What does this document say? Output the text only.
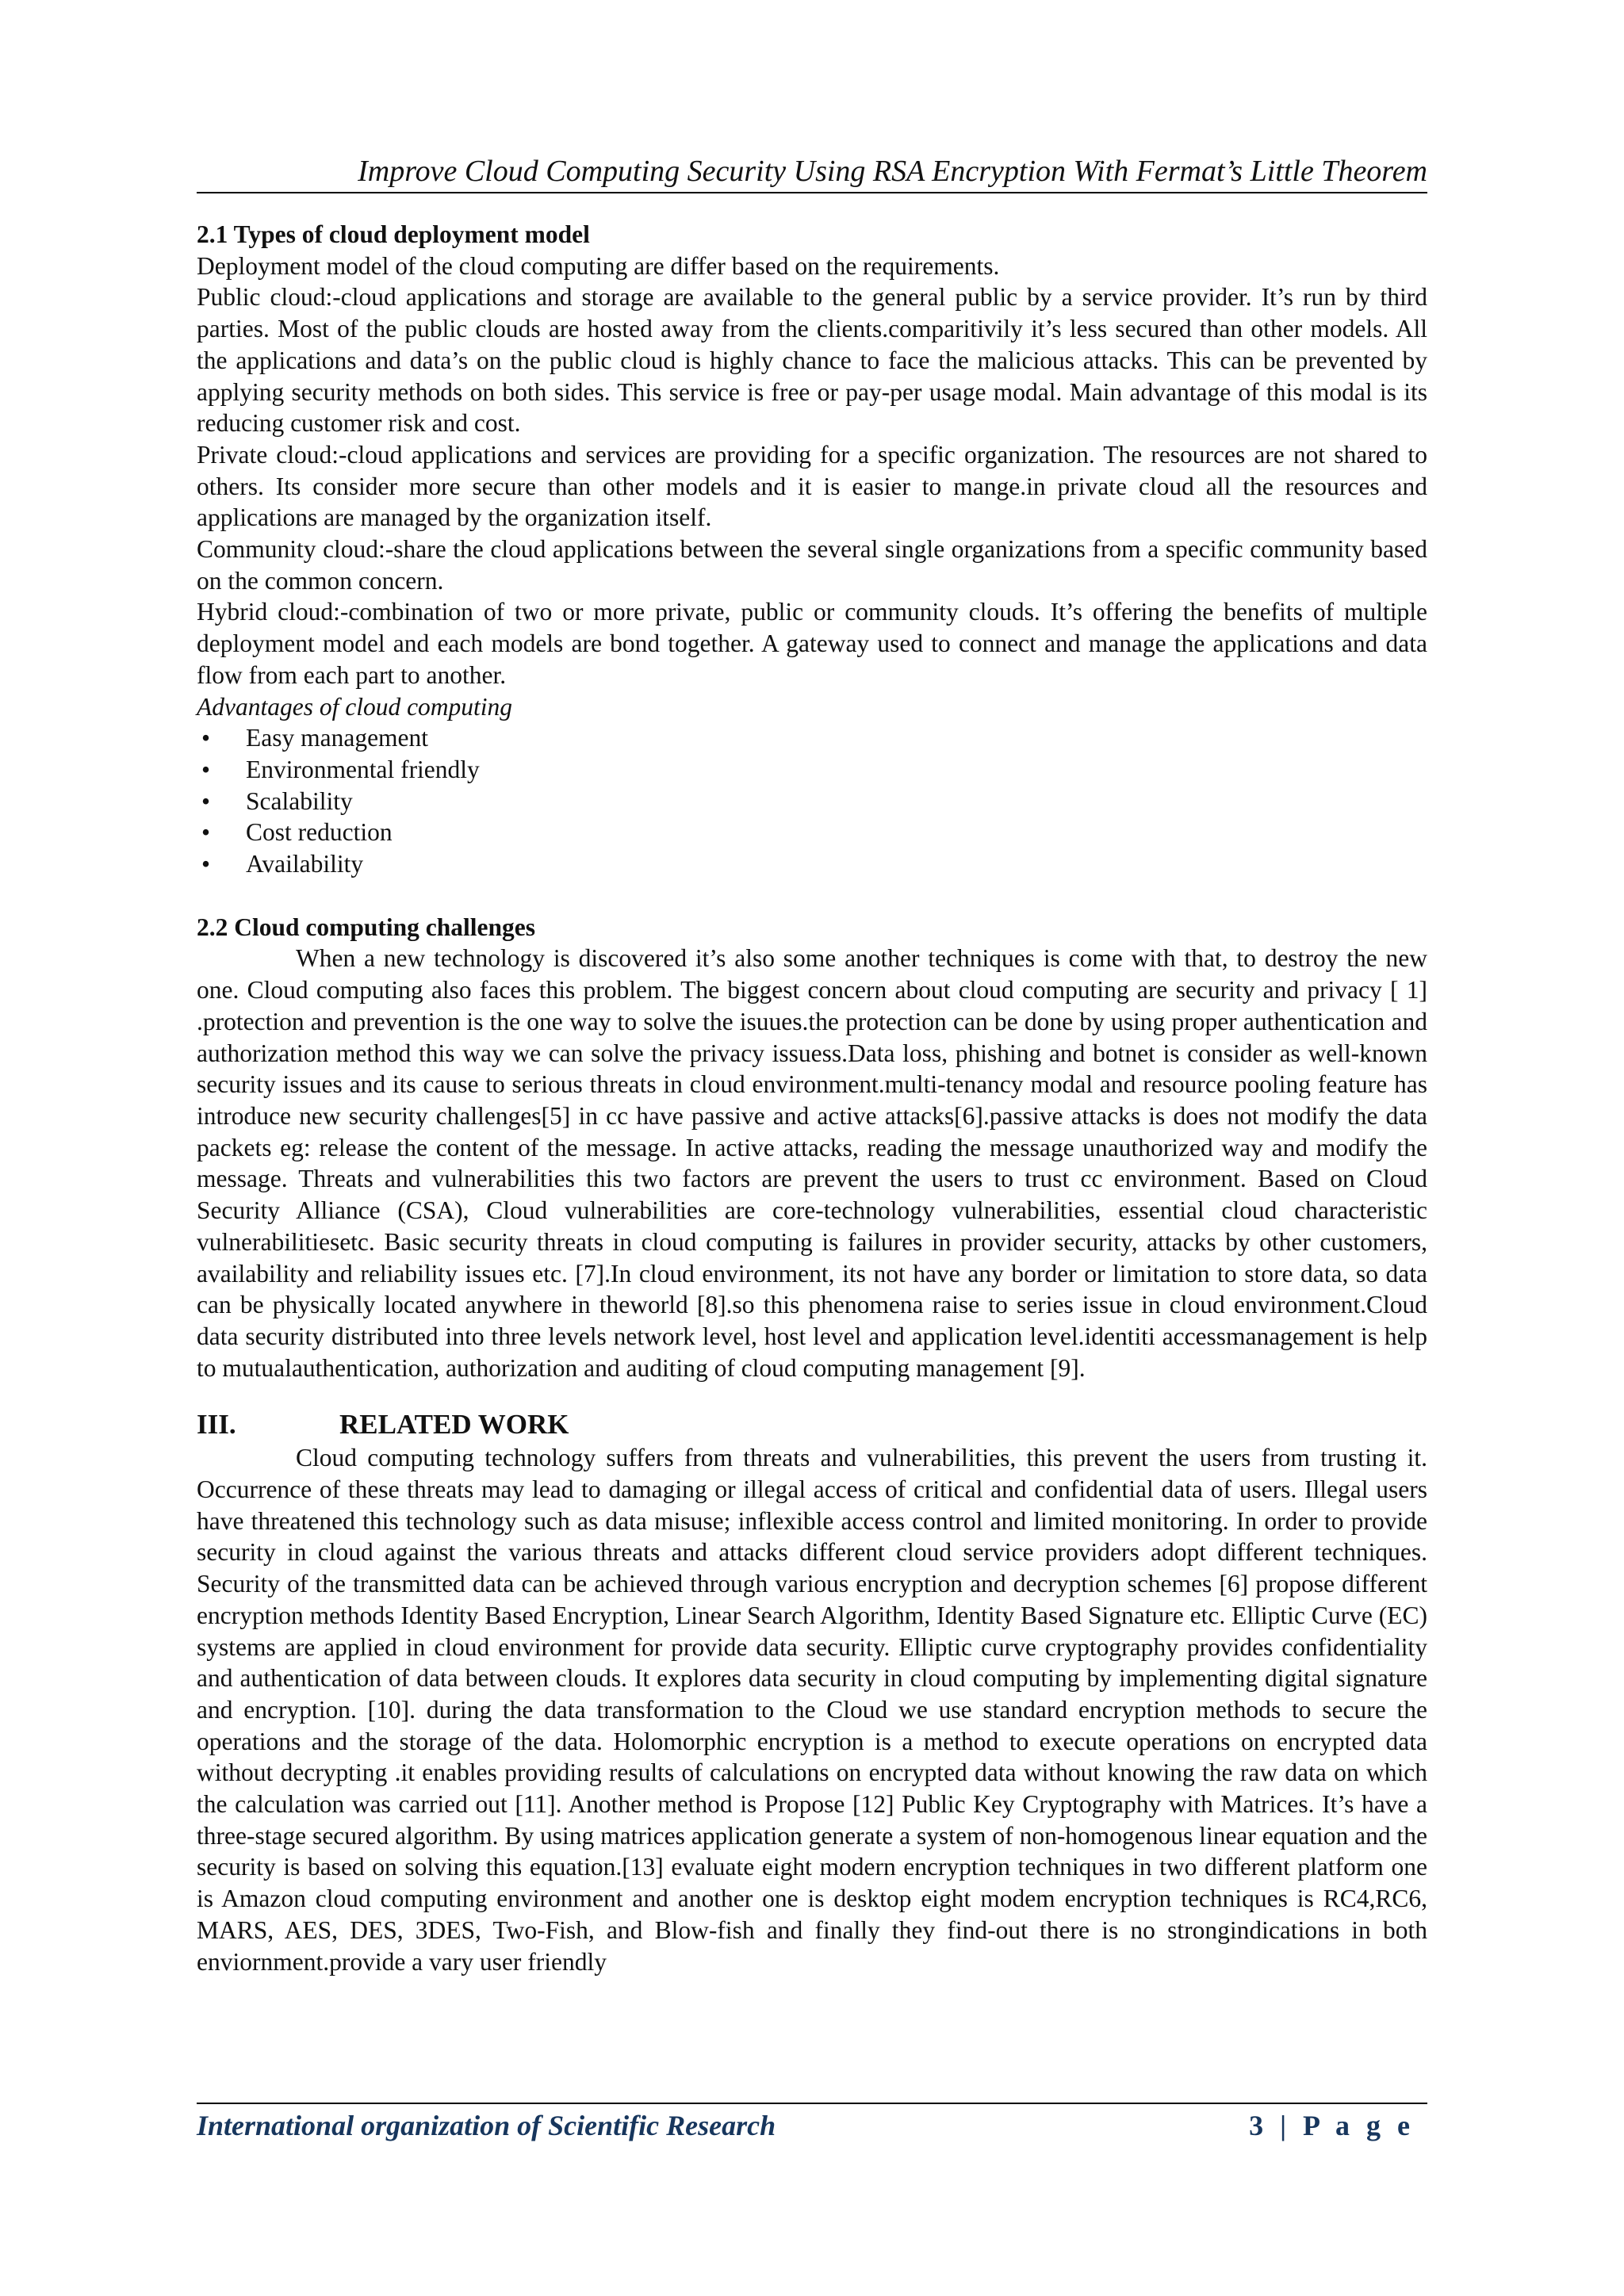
Improve Cloud Computing Security Using RSA Encryption With Fermat’s Little Theorem

2.1 Types of cloud deployment model

Deployment model of the cloud computing are differ based on the requirements.

Public cloud:-cloud applications and storage are available to the general public by a service provider. It’s run by third parties. Most of the public clouds are hosted away from the clients.comparitivily it’s less secured than other models. All the applications and data’s on the public cloud is highly chance to face the malicious attacks. This can be prevented by applying security methods on both sides. This service is free or pay-per usage modal. Main advantage of this modal is its reducing customer risk and cost.

Private cloud:-cloud applications and services are providing for a specific organization. The resources are not shared to others. Its consider more secure than other models and it is easier to mange.in private cloud all the resources and applications are managed by the organization itself.

Community cloud:-share the cloud applications between the several single organizations from a specific community based on the common concern.

Hybrid cloud:-combination of two or more private, public or community clouds. It’s offering the benefits of multiple deployment model and each models are bond together. A gateway used to connect and manage the applications and data flow from each part to another.

Advantages of cloud computing

• Easy management
• Environmental friendly
• Scalability
• Cost reduction
• Availability

2.2 Cloud computing challenges

When a new technology is discovered it’s also some another techniques is come with that, to destroy the new one. Cloud computing also faces this problem. The biggest concern about cloud computing are security and privacy [ 1] .protection and prevention is the one way to solve the isuues.the protection can be done by using proper authentication and authorization method this way we can solve the privacy issuess.Data loss, phishing and botnet is consider as well-known security issues and its cause to serious threats in cloud environment.multi-tenancy modal and resource pooling feature has introduce new security challenges[5] in cc have passive and active attacks[6].passive attacks is does not modify the data packets eg: release the content of the message. In active attacks, reading the message unauthorized way and modify the message. Threats and vulnerabilities this two factors are prevent the users to trust cc environment. Based on Cloud Security Alliance (CSA), Cloud vulnerabilities are core-technology vulnerabilities, essential cloud characteristic vulnerabilitiesetc. Basic security threats in cloud computing is failures in provider security, attacks by other customers, availability and reliability issues etc. [7].In cloud environment, its not have any border or limitation to store data, so data can be physically located anywhere in theworld [8].so this phenomena raise to series issue in cloud environment.Cloud data security distributed into three levels network level, host level and application level.identiti accessmanagement is help to mutualauthentication, authorization and auditing of cloud computing management [9].

III.	RELATED WORK

Cloud computing technology suffers from threats and vulnerabilities, this prevent the users from trusting it. Occurrence of these threats may lead to damaging or illegal access of critical and confidential data of users. Illegal users have threatened this technology such as data misuse; inflexible access control and limited monitoring. In order to provide security in cloud against the various threats and attacks different cloud service providers adopt different techniques. Security of the transmitted data can be achieved through various encryption and decryption schemes [6] propose different encryption methods Identity Based Encryption, Linear Search Algorithm, Identity Based Signature etc. Elliptic Curve (EC) systems are applied in cloud environment for provide data security. Elliptic curve cryptography provides confidentiality and authentication of data between clouds. It explores data security in cloud computing by implementing digital signature and encryption. [10]. during the data transformation to the Cloud we use standard encryption methods to secure the operations and the storage of the data. Holomorphic encryption is a method to execute operations on encrypted data without decrypting .it enables providing results of calculations on encrypted data without knowing the raw data on which the calculation was carried out [11]. Another method is Propose [12] Public Key Cryptography with Matrices. It’s have a three-stage secured algorithm. By using matrices application generate a system of non-homogenous linear equation and the security is based on solving this equation.[13] evaluate eight modern encryption techniques in two different platform one is Amazon cloud computing environment and another one is desktop eight modem encryption techniques is RC4,RC6, MARS, AES, DES, 3DES, Two-Fish, and Blow-fish and finally they find-out there is no strongindications in both enviornment.provide a vary user friendly

International organization of Scientific Research	3 | P a g e
